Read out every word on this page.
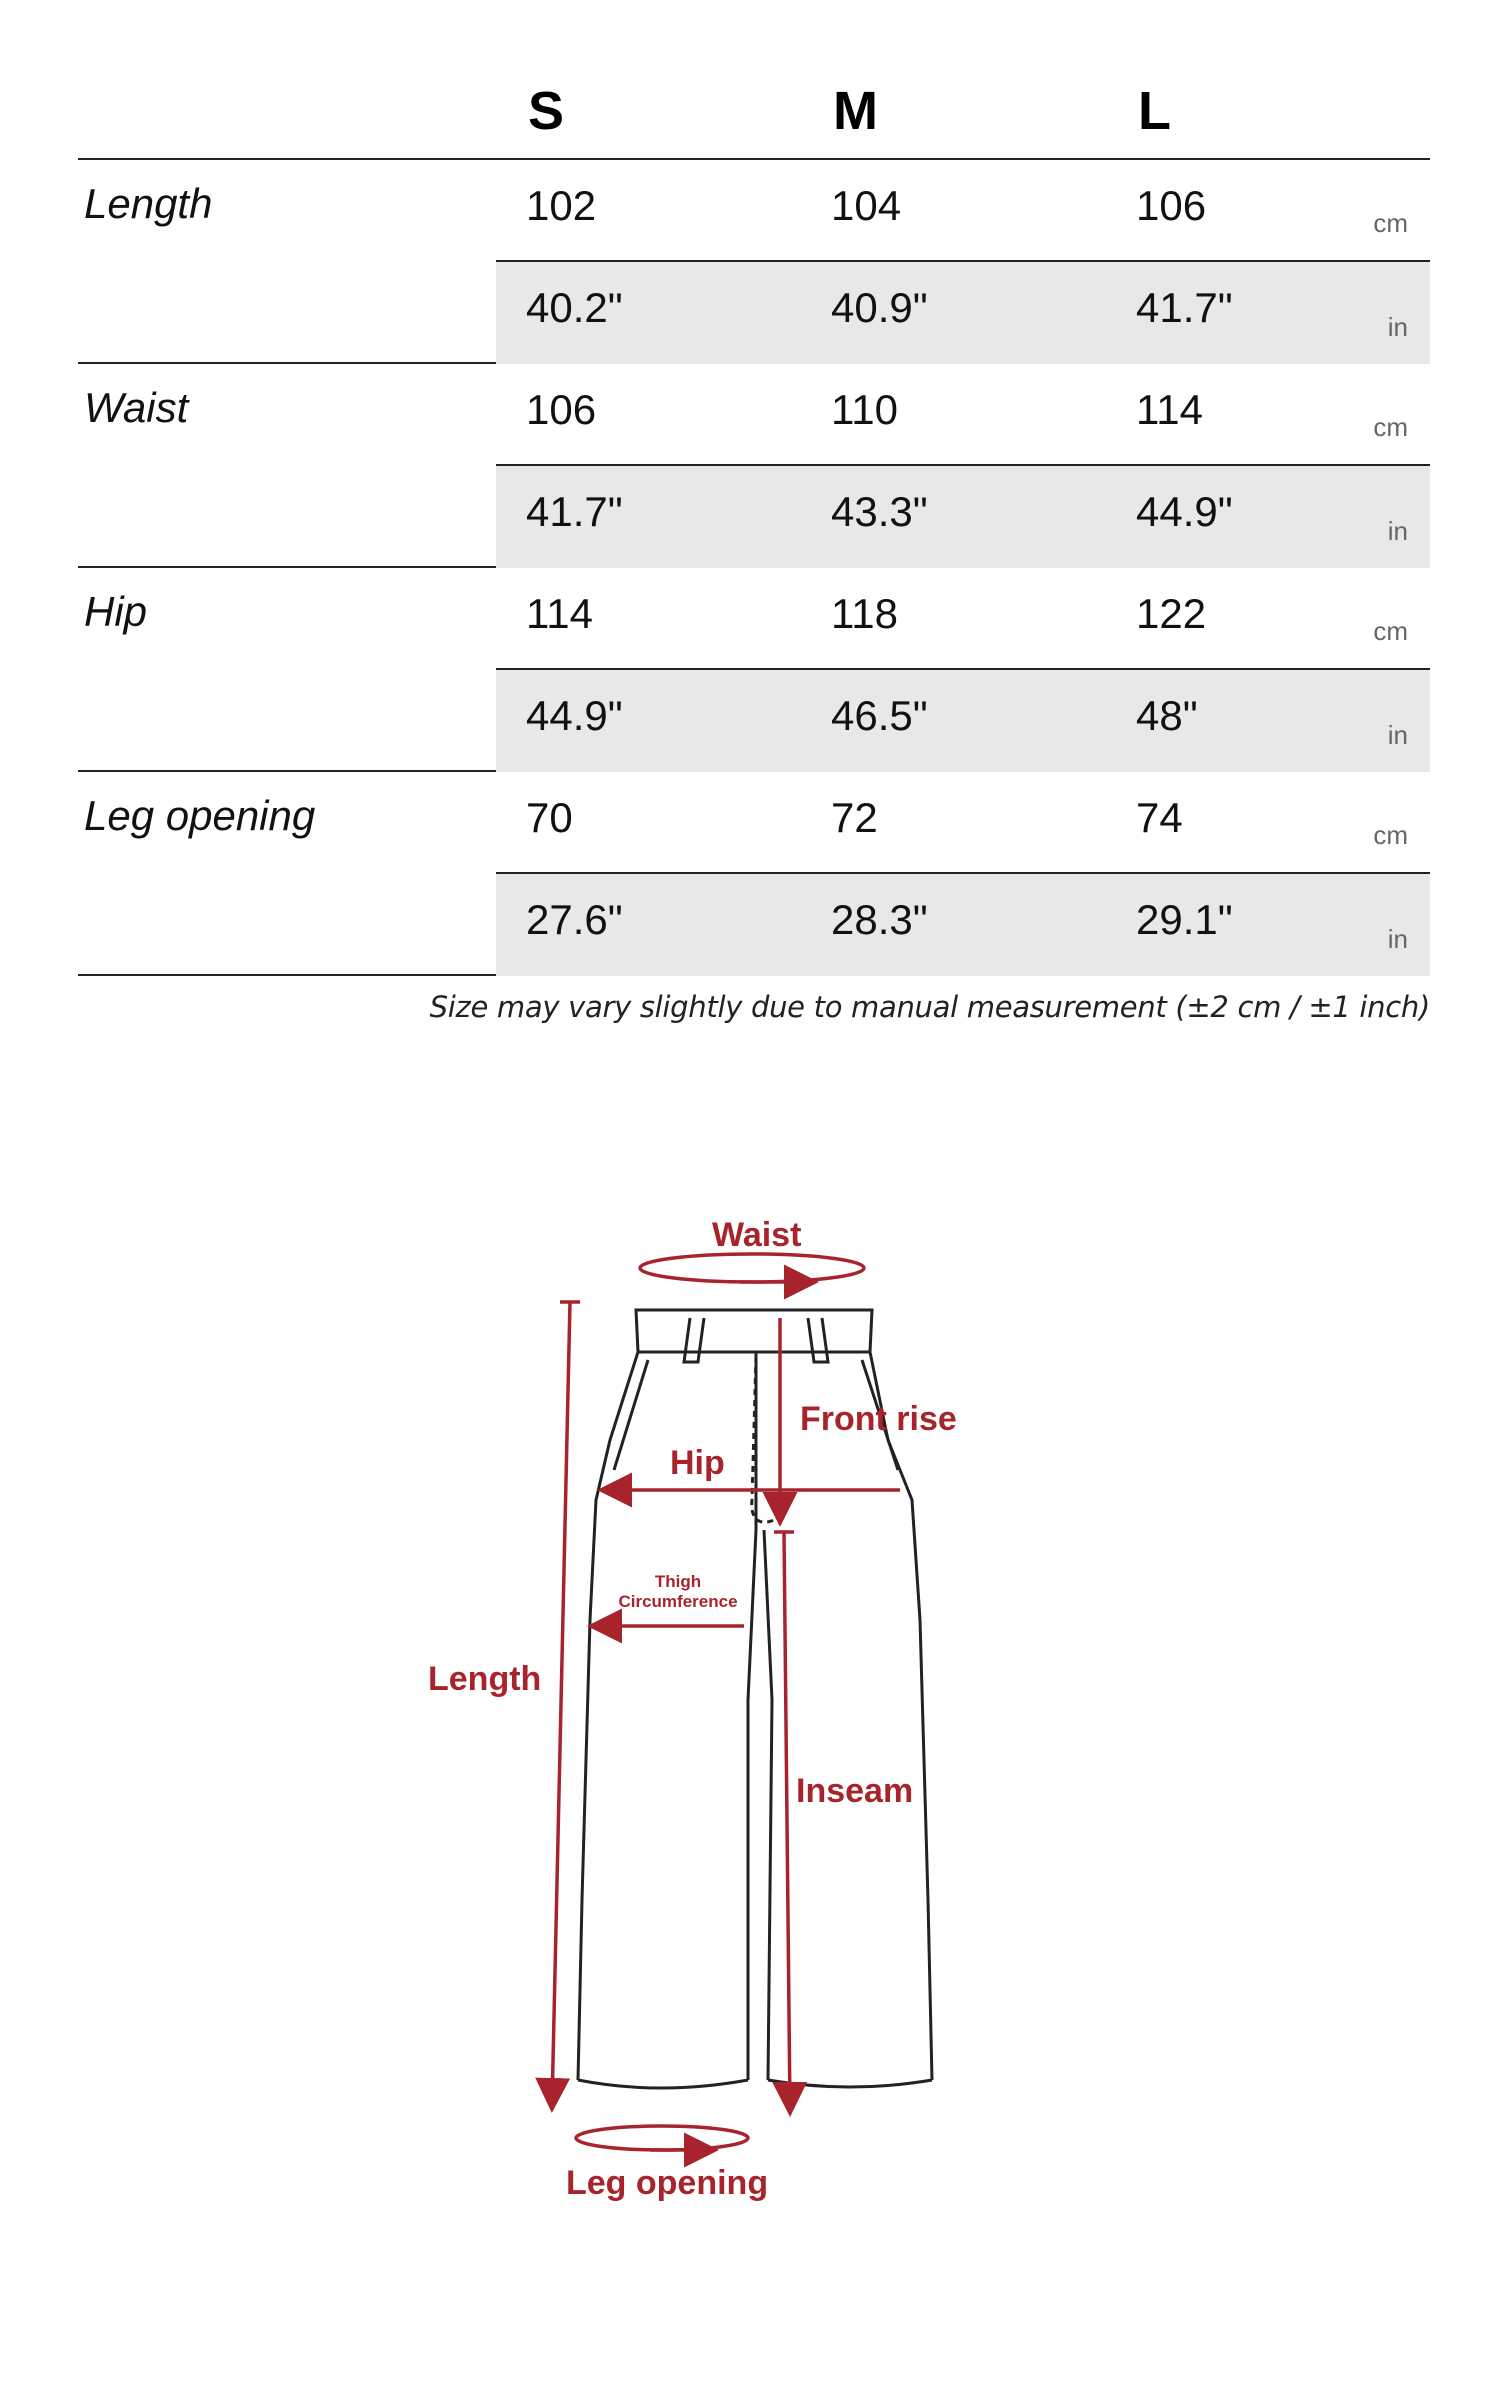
S	M	L
Length	102	104	106	cm
40.2"	40.9"	41.7"	in
Waist	106	110	114	cm
41.7"	43.3"	44.9"	in
Hip	114	118	122	cm
44.9"	46.5"	48"	in
Leg opening	70	72	74	cm
27.6"	28.3"	29.1"	in
Size may vary slightly due to manual measurement (±2 cm / ±1 inch)
Waist
Front rise
Hip
Thigh
Circumference
Length
Inseam
Leg opening
